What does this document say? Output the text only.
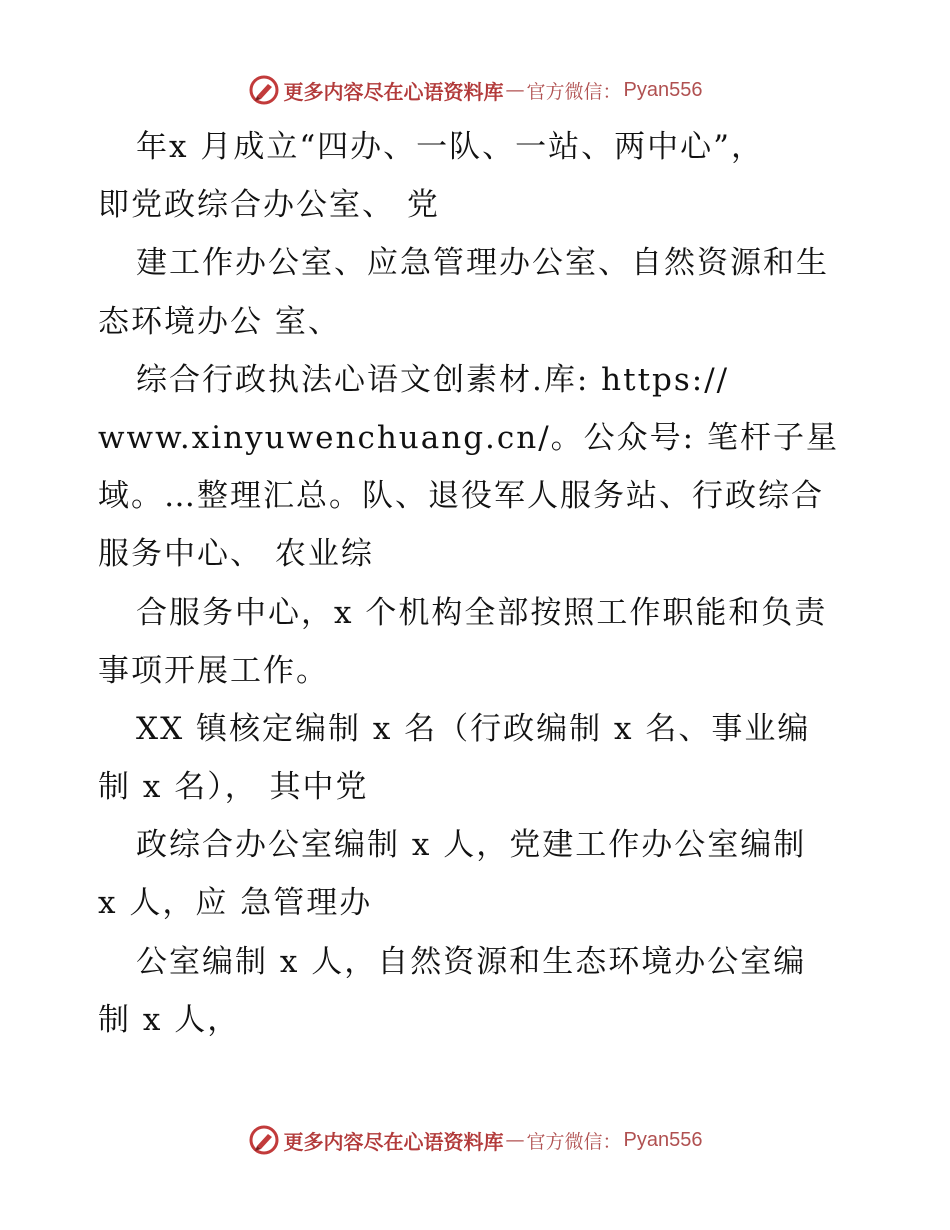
更多内容尽在心语资料库 — 官方微信： Pyan556
年x 月成立“四办、一队、一站、两中心”，
即党政综合办公室、 党
建工作办公室、应急管理办公室、自然资源和生
态环境办公 室、
综合行政执法心语文创素材.库: https://
www.xinyuwenchuang.cn/。公众号: 笔杆子星
域。…整理汇总。队、退役军人服务站、行政综合
服务中心、 农业综
合服务中心，x 个机构全部按照工作职能和负责
事项开展工作。
XX 镇核定编制 x 名（行政编制 x 名、事业编
制 x 名）， 其中党
政综合办公室编制 x 人，党建工作办公室编制
x 人，应 急管理办
公室编制 x 人，自然资源和生态环境办公室编
制 x 人，
更多内容尽在心语资料库 — 官方微信： Pyan556
